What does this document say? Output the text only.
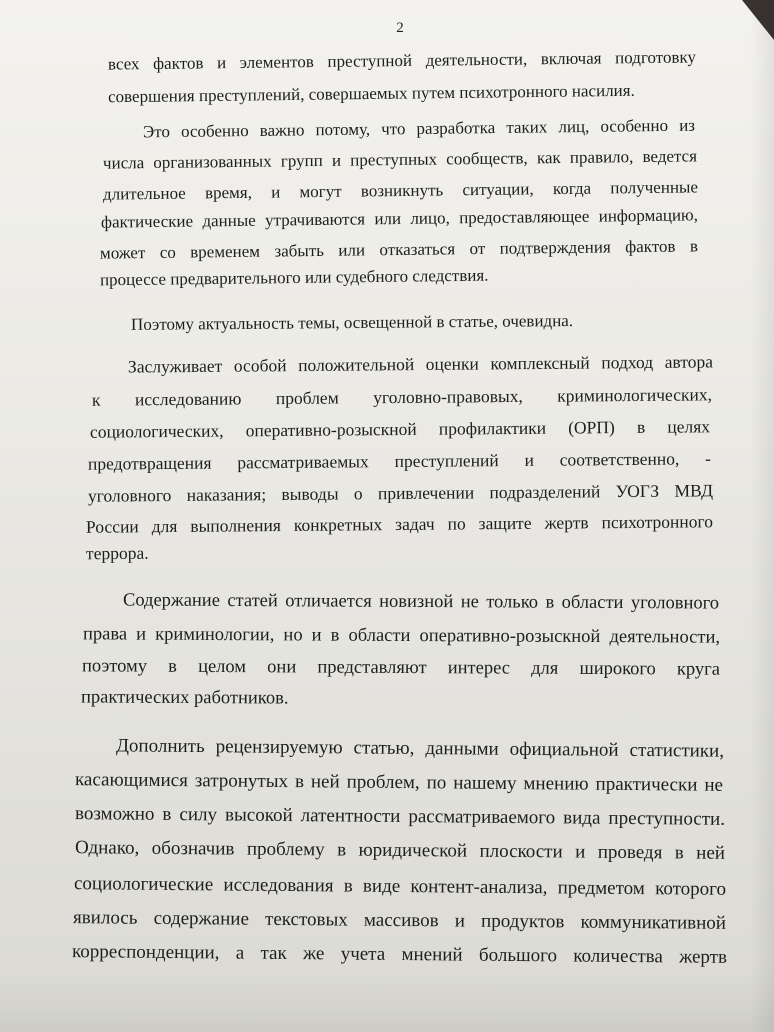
2
всех фактов и элементов преступной деятельности, включая подготовку
совершения преступлений, совершаемых путем психотронного насилия.
Это особенно важно потому, что разработка таких лиц, особенно из
числа организованных групп и преступных сообществ, как правило, ведется
длительное время, и могут возникнуть ситуации, когда полученные
фактические данные утрачиваются или лицо, предоставляющее информацию,
может со временем забыть или отказаться от подтверждения фактов в
процессе предварительного или судебного следствия.
Поэтому актуальность темы, освещенной в статье, очевидна.
Заслуживает особой положительной оценки комплексный подход автора
к исследованию проблем уголовно-правовых, криминологических,
социологических, оперативно-розыскной профилактики (ОРП) в целях
предотвращения рассматриваемых преступлений и соответственно, -
уголовного наказания; выводы о привлечении подразделений УОГЗ МВД
России для выполнения конкретных задач по защите жертв психотронного
террора.
Содержание статей отличается новизной не только в области уголовного
права и криминологии, но и в области оперативно-розыскной деятельности,
поэтому в целом они представляют интерес для широкого круга
практических работников.
Дополнить рецензируемую статью, данными официальной статистики,
касающимися затронутых в ней проблем, по нашему мнению практически не
возможно в силу высокой латентности рассматриваемого вида преступности.
Однако, обозначив проблему в юридической плоскости и проведя в ней
социологические исследования в виде контент-анализа, предметом которого
явилось содержание текстовых массивов и продуктов коммуникативной
корреспонденции, а так же учета мнений большого количества жертв
